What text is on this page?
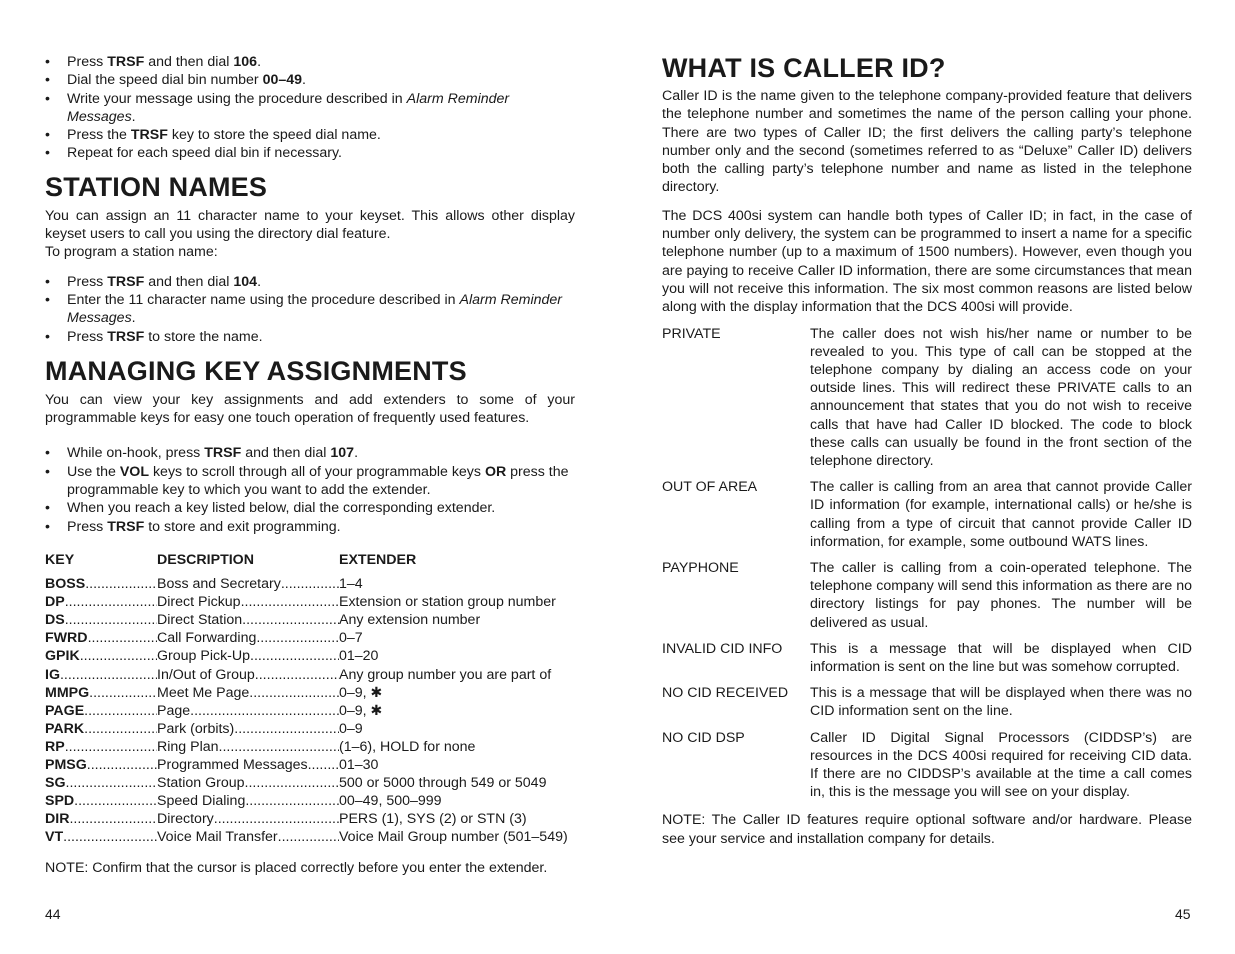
• Press TRSF and then dial 106.
• Dial the speed dial bin number 00–49.
• Write your message using the procedure described in Alarm Reminder Messages.
• Press the TRSF key to store the speed dial name.
• Repeat for each speed dial bin if necessary.
STATION NAMES

You can assign an 11 character name to your keyset. This allows other display keyset users to call you using the directory dial feature.

To program a station name:

• Press TRSF and then dial 104.
• Enter the 11 character name using the procedure described in Alarm Reminder Messages.
• Press TRSF to store the name.
MANAGING KEY ASSIGNMENTS

You can view your key assignments and add extenders to some of your programmable keys for easy one touch operation of frequently used features.

• While on-hook, press TRSF and then dial 107.
• Use the VOL keys to scroll through all of your programmable keys OR press the programmable key to which you want to add the extender.
• When you reach a key listed below, dial the corresponding extender.
• Press TRSF to store and exit programming.
KEY	DESCRIPTION	EXTENDER
BOSS .....	Boss and Secretary .....	1–4
DP .....	Direct Pickup .....	Extension or station group number
DS .....	Direct Station .....	Any extension number
FWRD .....	Call Forwarding .....	0–7
GPIK .....	Group Pick-Up .....	01–20
IG .....	In/Out of Group .....	Any group number you are part of
MMPG .....	Meet Me Page .....	0–9, ✱
PAGE .....	Page .....	0–9, ✱
PARK .....	Park (orbits) .....	0–9
RP .....	Ring Plan .....	(1–6), HOLD for none
PMSG .....	Programmed Messages ..... 01–30
SG .....	Station Group .....	500 or 5000 through 549 or 5049
SPD .....	Speed Dialing .....	00–49, 500–999
DIR .....	Directory .....	PERS (1), SYS (2) or STN (3)
VT .....	Voice Mail Transfer .....	Voice Mail Group number (501–549)

NOTE: Confirm that the cursor is placed correctly before you enter the extender.

44
WHAT IS CALLER ID?

Caller ID is the name given to the telephone company-provided feature that delivers the telephone number and sometimes the name of the person calling your phone. There are two types of Caller ID; the first delivers the calling party’s telephone number only and the second (sometimes referred to as “Deluxe” Caller ID) delivers both the calling party’s telephone number and name as listed in the telephone directory.

The DCS 400si system can handle both types of Caller ID; in fact, in the case of number only delivery, the system can be programmed to insert a name for a specific telephone number (up to a maximum of 1500 numbers). However, even though you are paying to receive Caller ID information, there are some circumstances that mean you will not receive this information. The six most common reasons are listed below along with the display information that the DCS 400si will provide.

PRIVATE	The caller does not wish his/her name or number to be revealed to you. This type of call can be stopped at the telephone company by dialing an access code on your outside lines. This will redirect these PRIVATE calls to an announcement that states that you do not wish to receive calls that have had Caller ID blocked. The code to block these calls can usually be found in the front section of the telephone directory.
OUT OF AREA	The caller is calling from an area that cannot provide Caller ID information (for example, international calls) or he/she is calling from a type of circuit that cannot provide Caller ID information, for example, some outbound WATS lines.
PAYPHONE	The caller is calling from a coin-operated telephone. The telephone company will send this information as there are no directory listings for pay phones. The number will be delivered as usual.
INVALID CID INFO	This is a message that will be displayed when CID information is sent on the line but was somehow corrupted.
NO CID RECEIVED	This is a message that will be displayed when there was no CID information sent on the line.
NO CID DSP	Caller ID Digital Signal Processors (CIDDSP’s) are resources in the DCS 400si required for receiving CID data. If there are no CIDDSP’s available at the time a call comes in, this is the message you will see on your display.

NOTE: The Caller ID features require optional software and/or hardware. Please see your service and installation company for details.

45
